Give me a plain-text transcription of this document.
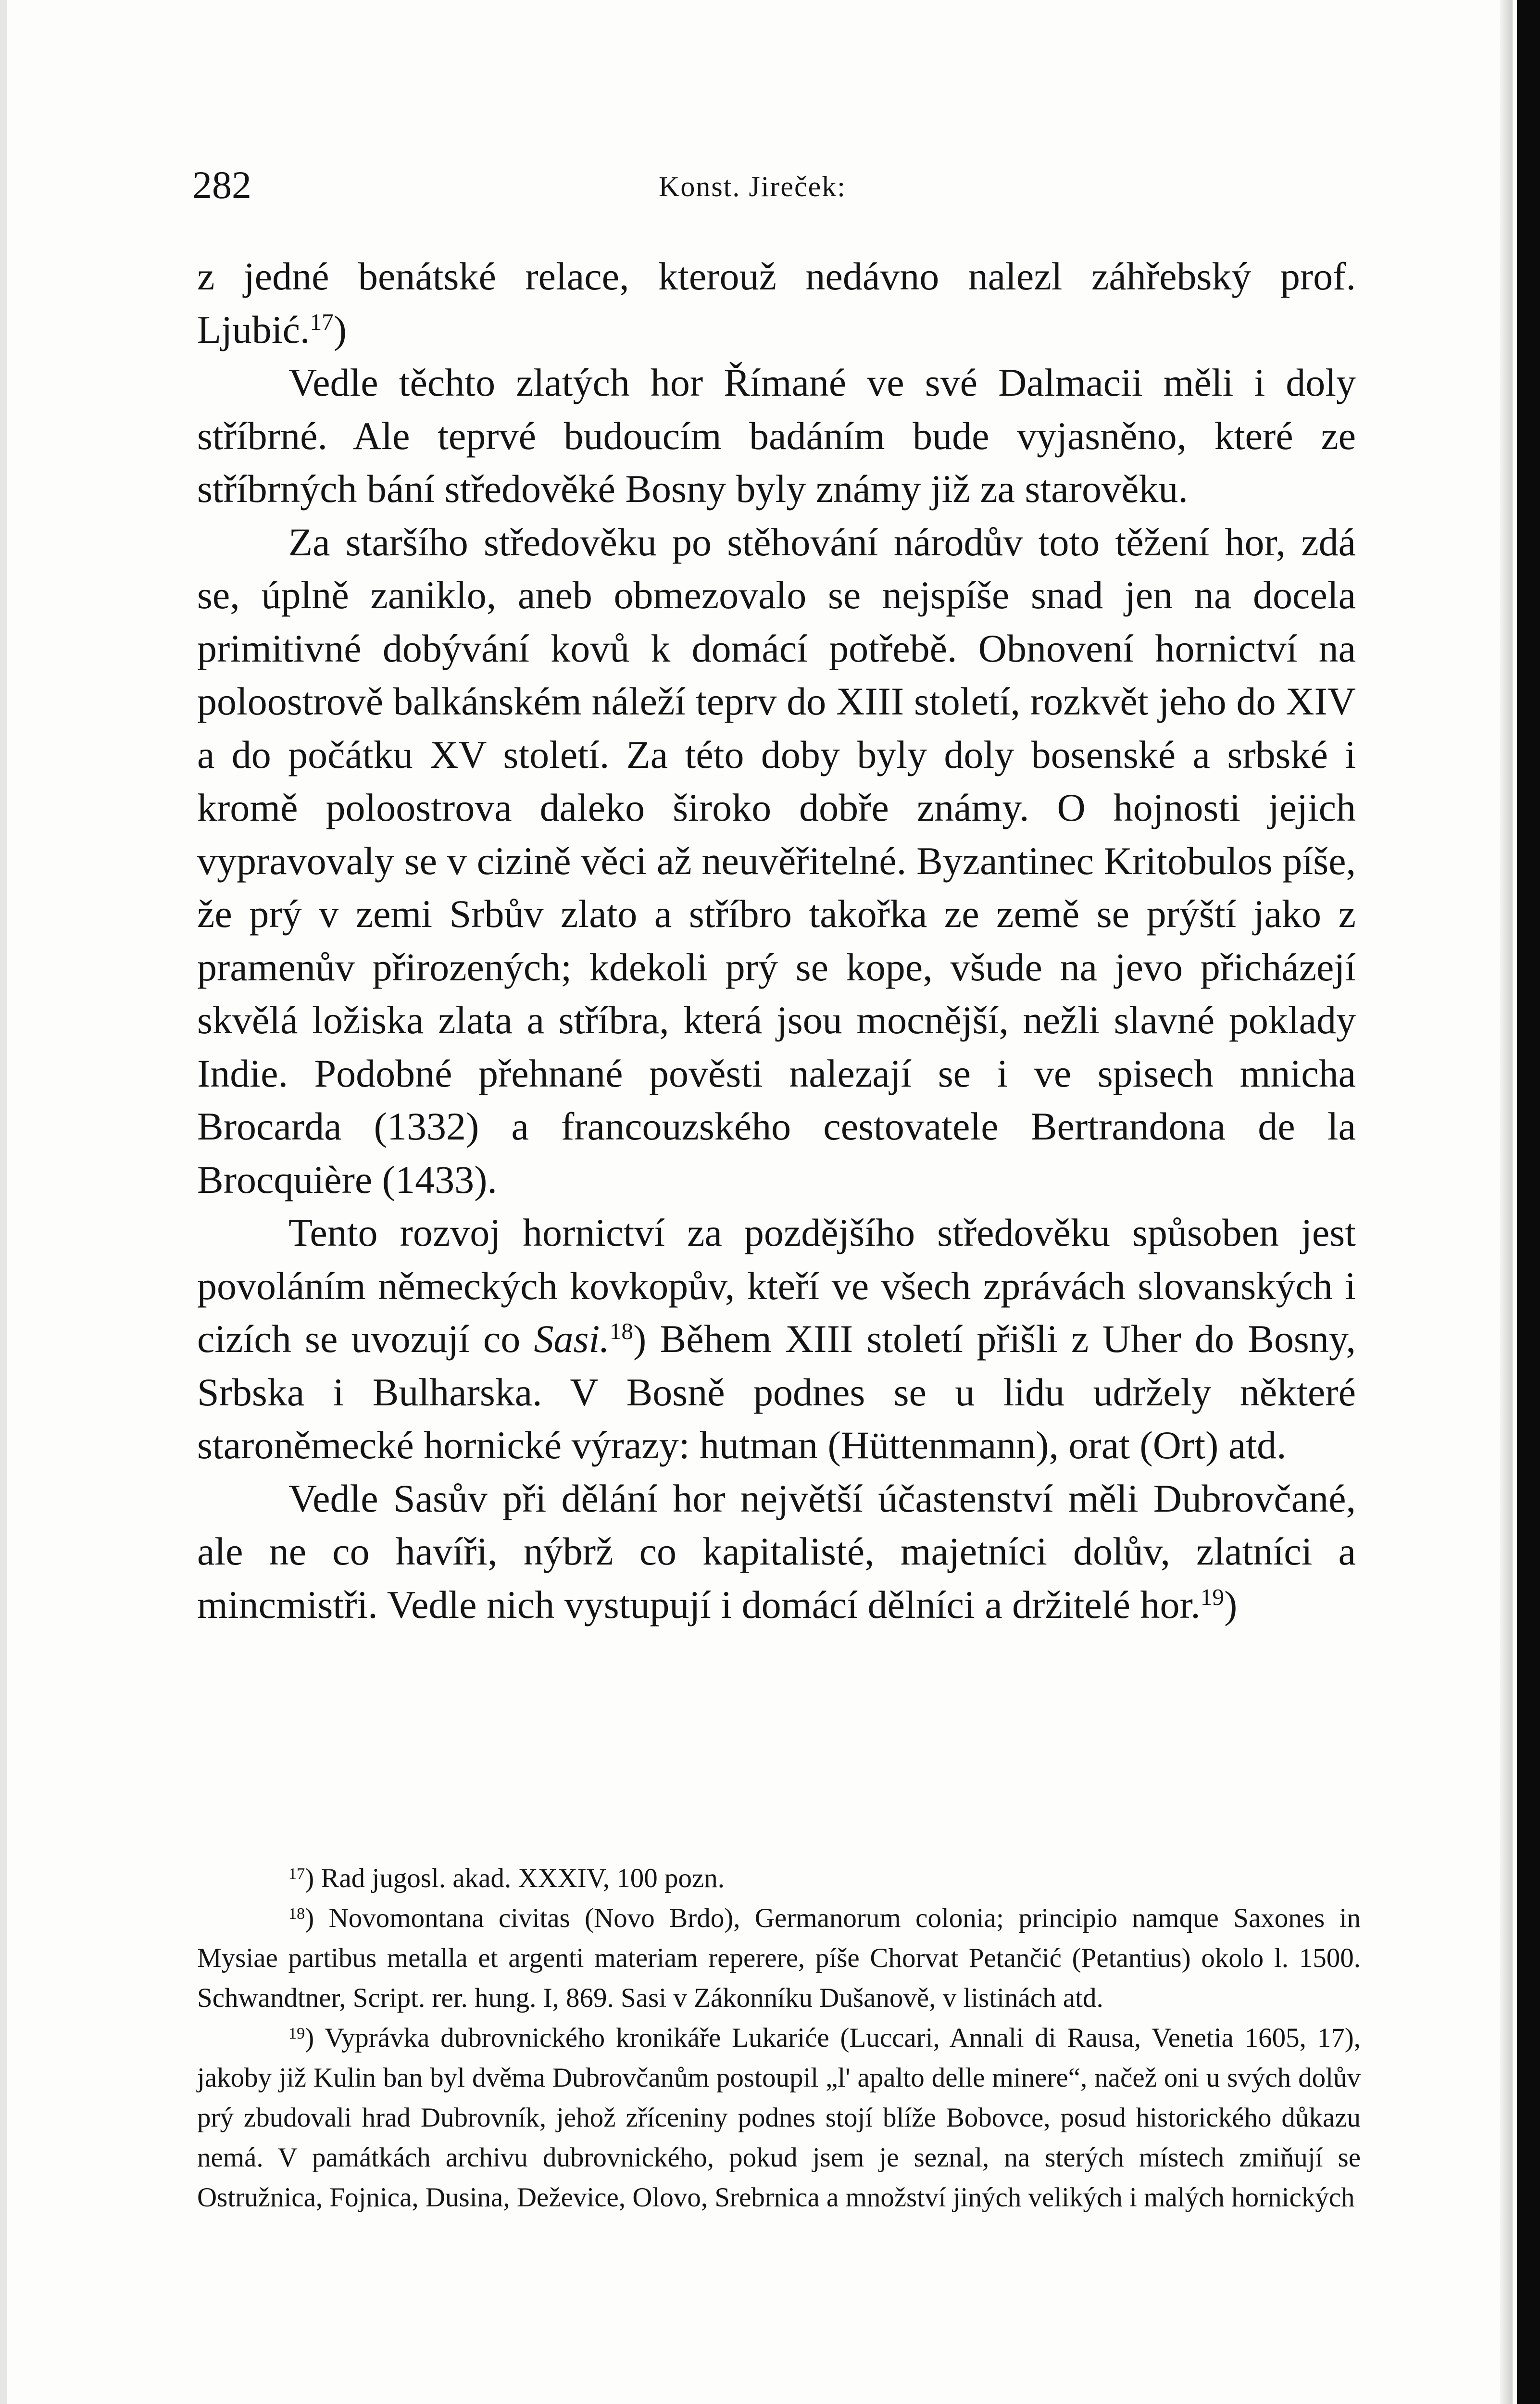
282	Konst. Jireček:

z jedné benátské relace, kterouž nedávno nalezl záhřebský prof. Ljubić.$^{17}$)

Vedle těchto zlatých hor Římané ve své Dalmacii měli i doly stříbrné. Ale teprvé budoucím badáním bude vyjasněno, které ze stříbrných bání středověké Bosny byly známy již za starověku.

Za staršího středověku po stěhování národův toto těžení hor, zdá se, úplně zaniklo, aneb obmezovalo se nejspíše snad jen na docela primitivné dobývání kovů k domácí potřebě. Obnovení hornictví na poloostrově balkánském náleží teprv do XIII století, rozkvět jeho do XIV a do počátku XV století. Za této doby byly doly bosenské a srbské i kromě poloostrova daleko široko dobře známy. O hojnosti jejich vypravovaly se v cizině věci až neuvěřitelné. Byzantinec Kritobulos píše, že prý v zemi Srbův zlato a stříbro takořka ze země se prýští jako z pramenův přirozených; kdekoli prý se kope, všude na jevo přicházejí skvělá ložiska zlata a stříbra, která jsou mocnější, nežli slavné poklady Indie. Podobné přehnané pověsti nalezají se i ve spisech mnicha Brocarda (1332) a francouzského cestovatele Bertrandona de la Brocquière (1433).

Tento rozvoj hornictví za pozdějšího středověku spůsoben jest povoláním německých kovkopův, kteří ve všech zprávách slovanských i cizích se uvozují co Sasi.$^{18}$) Během XIII století přišli z Uher do Bosny, Srbska i Bulharska. V Bosně podnes se u lidu udržely některé staroněmecké hornické výrazy: hutman (Hüttenmann), orat (Ort) atd.

Vedle Sasův při dělání hor největší účastenství měli Dubrovčané, ale ne co havíři, nýbrž co kapitalisté, majetníci dolův, zlatníci a mincmistři. Vedle nich vystupují i domácí dělníci a držitelé hor.$^{19}$)

$^{17}$) Rad jugosl. akad. XXXIV, 100 pozn.

$^{18}$) Novomontana civitas (Novo Brdo), Germanorum colonia; principio namque Saxones in Mysiae partibus metalla et argenti materiam reperere, píše Chorvat Petančić (Petantius) okolo l. 1500. Schwandtner, Script. rer. hung. I, 869. Sasi v Zákonníku Dušanově, v listinách atd.

$^{19}$) Vyprávka dubrovnického kronikáře Lukariće (Luccari, Annali di Rausa, Venetia 1605, 17), jakoby již Kulin ban byl dvěma Dubrovčanům postoupil „l' apalto delle minere“, načež oni u svých dolův prý zbudovali hrad Dubrovník, jehož zříceniny podnes stojí blíže Bobovce, posud historického důkazu nemá. V památkách archivu dubrovnického, pokud jsem je seznal, na sterých místech zmiňují se Ostružnica, Fojnica, Dusina, Deževice, Olovo, Srebrnica a množství jiných velikých i malých hornických
